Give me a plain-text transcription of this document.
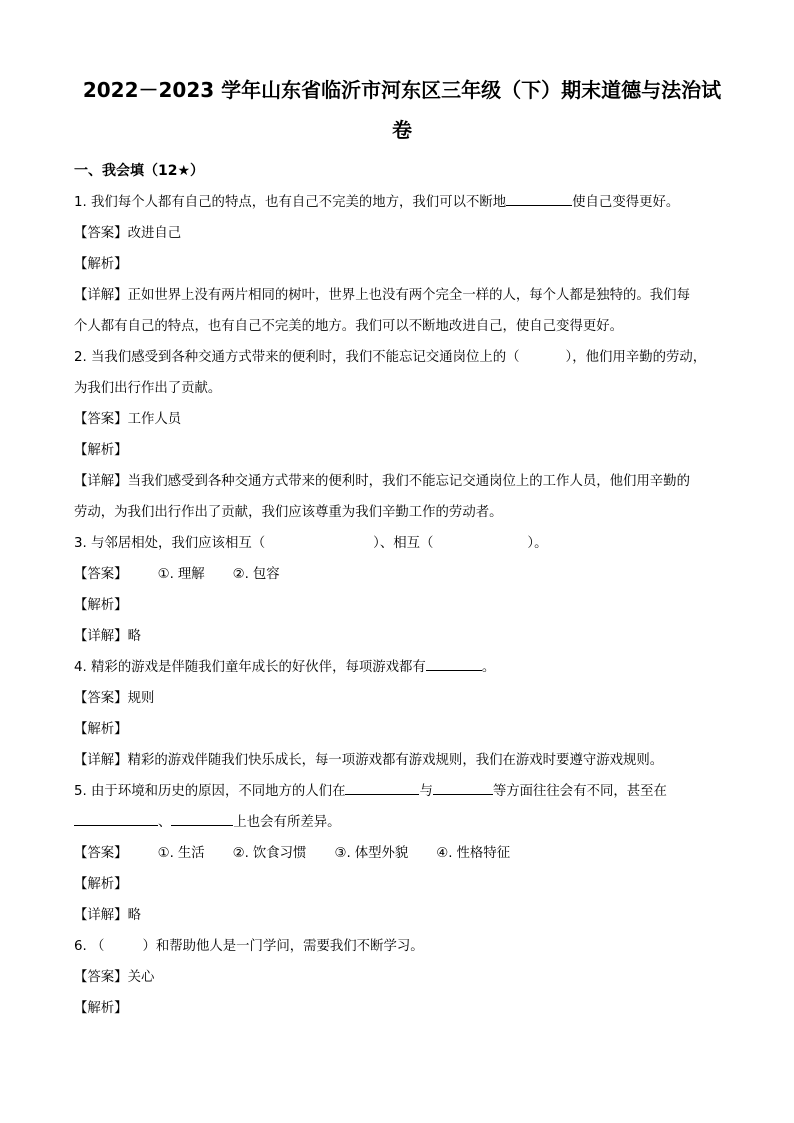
2022－2023 学年山东省临沂市河东区三年级（下）期末道德与法治试
卷
一、我会填（12★）
1. 我们每个人都有自己的特点，也有自己不完美的地方，我们可以不断地	使自己变得更好。
【答案】改进自己
【解析】
【详解】正如世界上没有两片相同的树叶，世界上也没有两个完全一样的人，每个人都是独特的。我们每
个人都有自己的特点，也有自己不完美的地方。我们可以不断地改进自己，使自己变得更好。
2. 当我们感受到各种交通方式带来的便利时，我们不能忘记交通岗位上的（	），他们用辛勤的劳动，
为我们出行作出了贡献。
【答案】工作人员
【解析】
【详解】当我们感受到各种交通方式带来的便利时，我们不能忘记交通岗位上的工作人员，他们用辛勤的
劳动，为我们出行作出了贡献，我们应该尊重为我们辛勤工作的劳动者。
3. 与邻居相处，我们应该相互（	）、相互（	）。
【答案】 ①. 理解 ②. 包容
【解析】
【详解】略
4. 精彩的游戏是伴随我们童年成长的好伙伴，每项游戏都有	。
【答案】规则
【解析】
【详解】精彩的游戏伴随我们快乐成长，每一项游戏都有游戏规则，我们在游戏时要遵守游戏规则。
5. 由于环境和历史的原因，不同地方的人们在	与	等方面往往会有不同，甚至在
、	上也会有所差异。
【答案】 ①. 生活 ②. 饮食习惯 ③. 体型外貌 ④. 性格特征
【解析】
【详解】略
6. （	）和帮助他人是一门学问，需要我们不断学习。
【答案】关心
【解析】
